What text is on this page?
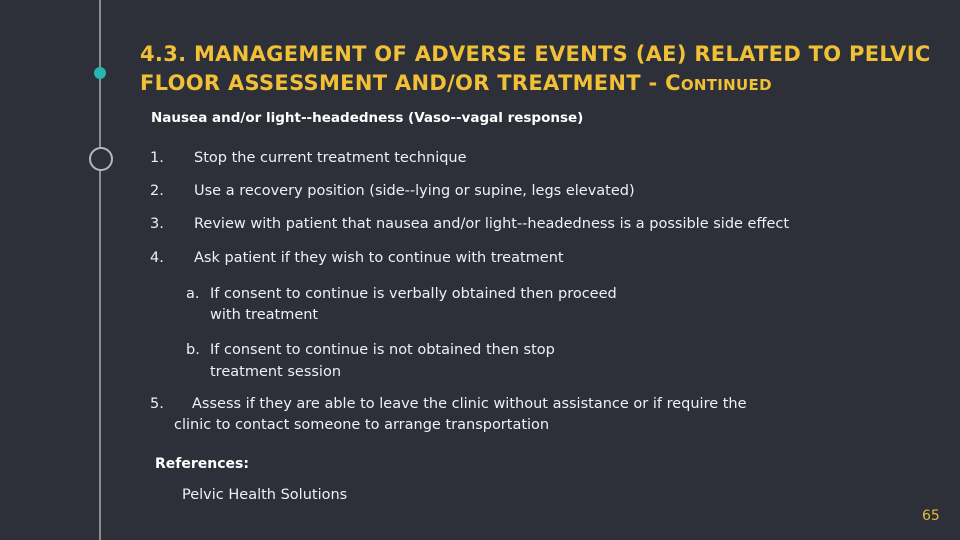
4.3. MANAGEMENT OF ADVERSE EVENTS (AE) RELATED TO PELVIC FLOOR ASSESSMENT AND/OR TREATMENT - Continued
Nausea and/or light--headedness (Vaso--vagal response)
1. Stop the current treatment technique
2. Use a recovery position (side--lying or supine, legs elevated)
3. Review with patient that nausea and/or light--headedness is a possible side effect
4. Ask patient if they wish to continue with treatment
a. If consent to continue is verbally obtained then proceed
with treatment
b. If consent to continue is not obtained then stop
treatment session
5. Assess if they are able to leave the clinic without assistance or if require the
clinic to contact someone to arrange transportation
References:
Pelvic Health Solutions
65
